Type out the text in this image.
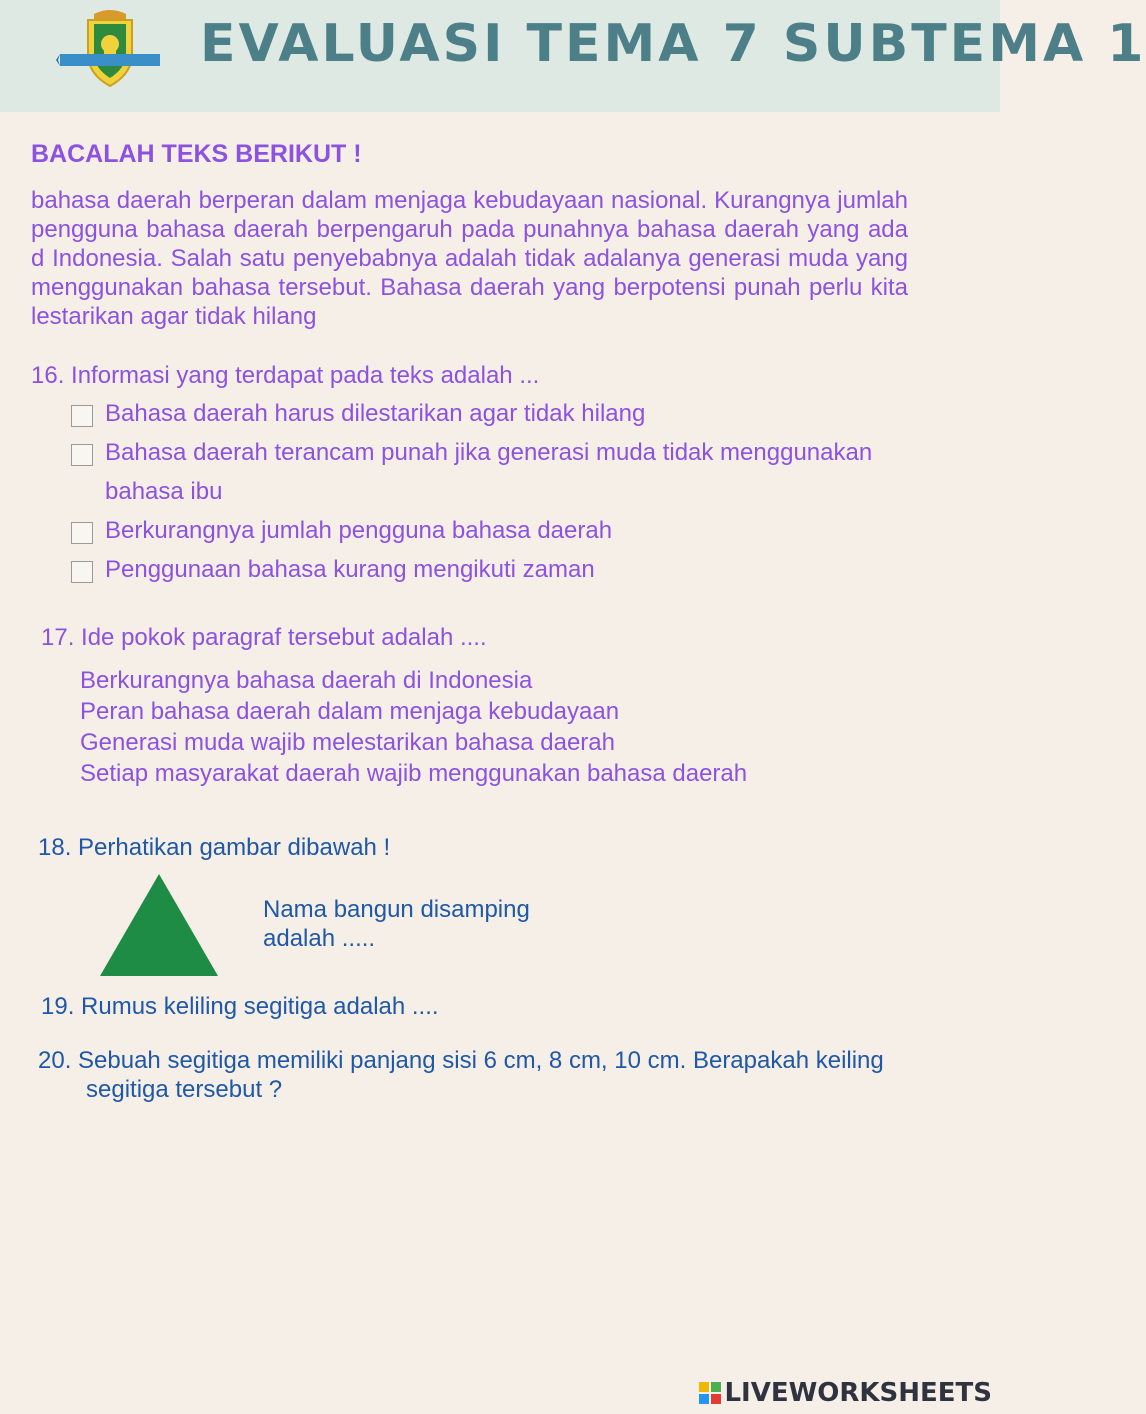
EVALUASI TEMA 7 SUBTEMA 1
BACALAH TEKS BERIKUT !
bahasa daerah berperan dalam menjaga kebudayaan nasional. Kurangnya jumlah pengguna bahasa daerah berpengaruh pada punahnya bahasa daerah yang ada d Indonesia. Salah satu penyebabnya adalah tidak adalanya generasi muda yang menggunakan bahasa tersebut. Bahasa daerah yang berpotensi punah perlu kita lestarikan agar tidak hilang
16. Informasi yang terdapat pada teks adalah ...
Bahasa daerah harus dilestarikan agar tidak hilang
Bahasa daerah terancam punah jika generasi muda tidak menggunakan
bahasa ibu
Berkurangnya jumlah pengguna bahasa daerah
Penggunaan bahasa kurang mengikuti zaman
17. Ide pokok paragraf tersebut adalah ....
Berkurangnya bahasa daerah di Indonesia
Peran bahasa daerah dalam menjaga kebudayaan
Generasi muda wajib melestarikan bahasa daerah
Setiap masyarakat daerah wajib menggunakan bahasa daerah
18. Perhatikan gambar dibawah !
Nama bangun disamping
adalah .....
19. Rumus keliling segitiga adalah ....
20. Sebuah segitiga memiliki panjang sisi 6 cm, 8 cm, 10 cm. Berapakah keiling
segitiga tersebut ?
LIVEWORKSHEETS
